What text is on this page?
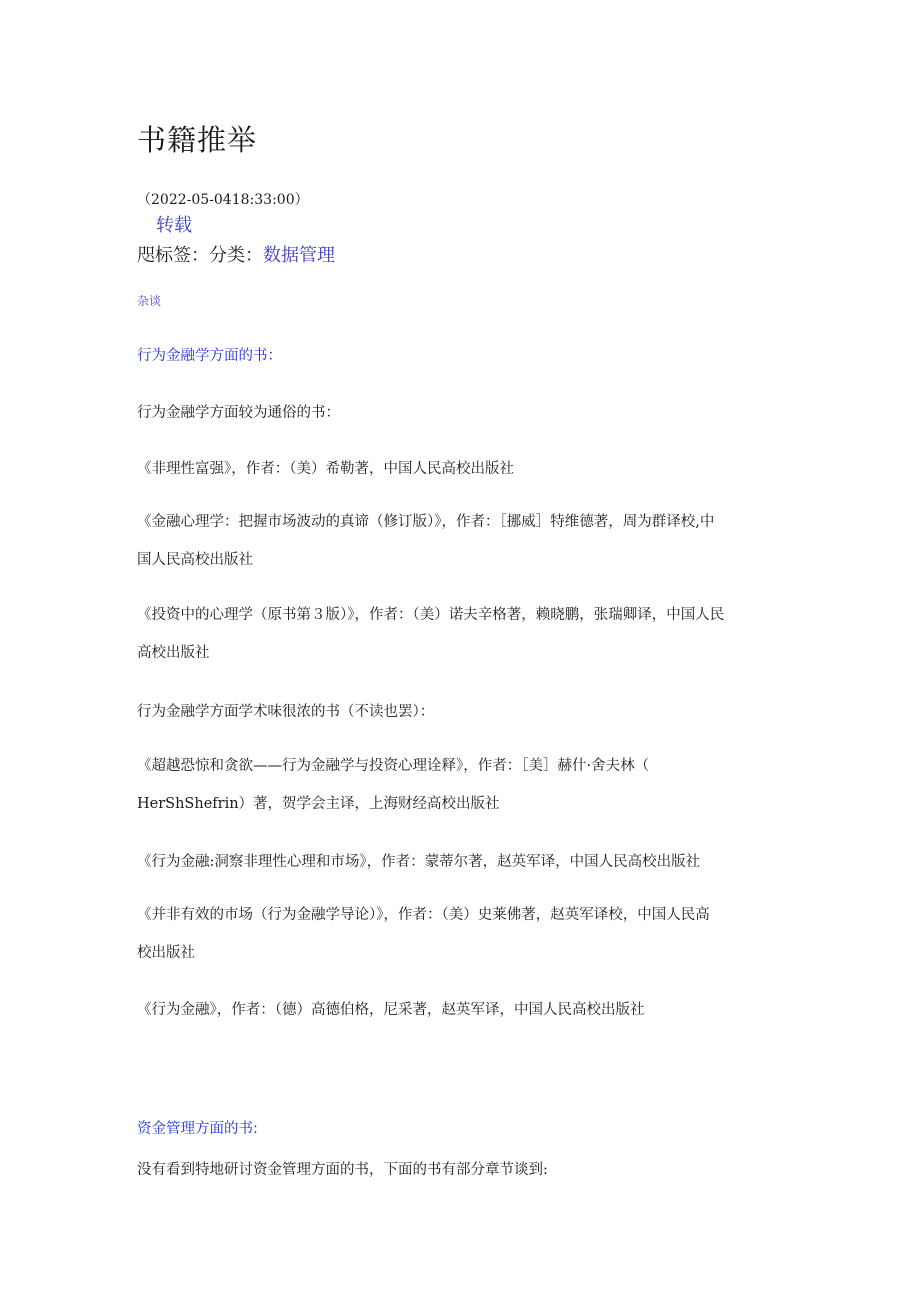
书籍推举
（2022-05-0418:33:00）
转载
咫标签：分类：数据管理
杂谈
行为金融学方面的书：
行为金融学方面较为通俗的书：
《非理性富强》，作者：（美）希勒著，中国人民高校出版社
《金融心理学：把握市场波动的真谛（修订版）》，作者：［挪威］特维德著，周为群译校,中
国人民高校出版社
《投资中的心理学（原书第３版）》，作者：（美）诺夫辛格著，赖晓鹏，张瑞卿译，中国人民
高校出版社
行为金融学方面学术味很浓的书（不读也罢）：
《超越恐惊和贪欲——行为金融学与投资心理诠释》，作者：［美］赫什·舍夫林（
HerShShefrin）著，贺学会主译，上海财经高校出版社
《行为金融:洞察非理性心理和市场》，作者：蒙蒂尔著，赵英军译，中国人民高校出版社
《并非有效的市场（行为金融学导论）》，作者：（美）史莱佛著，赵英军译校，中国人民高
校出版社
《行为金融》，作者：（德）高德伯格，尼采著，赵英军译，中国人民高校出版社
资金管理方面的书:
没有看到特地研讨资金管理方面的书，下面的书有部分章节谈到:
